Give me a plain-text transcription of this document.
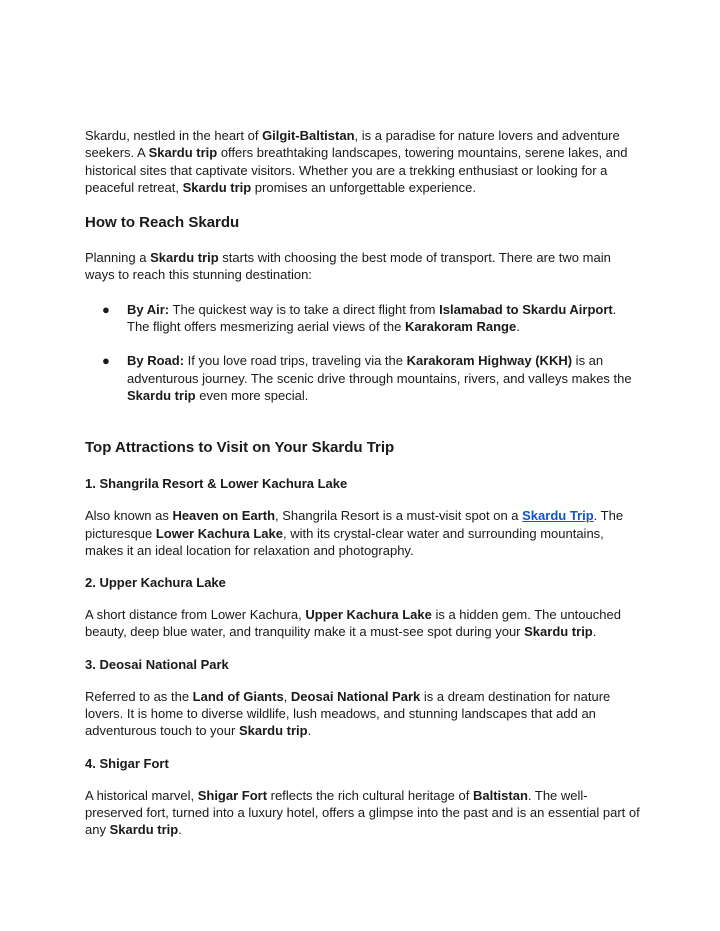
Skardu, nestled in the heart of Gilgit-Baltistan, is a paradise for nature lovers and adventure seekers. A Skardu trip offers breathtaking landscapes, towering mountains, serene lakes, and historical sites that captivate visitors. Whether you are a trekking enthusiast or looking for a peaceful retreat, Skardu trip promises an unforgettable experience.

How to Reach Skardu

Planning a Skardu trip starts with choosing the best mode of transport. There are two main ways to reach this stunning destination:

● By Air: The quickest way is to take a direct flight from Islamabad to Skardu Airport. The flight offers mesmerizing aerial views of the Karakoram Range.
● By Road: If you love road trips, traveling via the Karakoram Highway (KKH) is an adventurous journey. The scenic drive through mountains, rivers, and valleys makes the Skardu trip even more special.
Top Attractions to Visit on Your Skardu Trip
1. Shangrila Resort & Lower Kachura Lake

Also known as Heaven on Earth, Shangrila Resort is a must-visit spot on a Skardu Trip. The picturesque Lower Kachura Lake, with its crystal-clear water and surrounding mountains, makes it an ideal location for relaxation and photography.

2. Upper Kachura Lake

A short distance from Lower Kachura, Upper Kachura Lake is a hidden gem. The untouched beauty, deep blue water, and tranquility make it a must-see spot during your Skardu trip.

3. Deosai National Park

Referred to as the Land of Giants, Deosai National Park is a dream destination for nature lovers. It is home to diverse wildlife, lush meadows, and stunning landscapes that add an adventurous touch to your Skardu trip.

4. Shigar Fort

A historical marvel, Shigar Fort reflects the rich cultural heritage of Baltistan. The well-preserved fort, turned into a luxury hotel, offers a glimpse into the past and is an essential part of any Skardu trip.
